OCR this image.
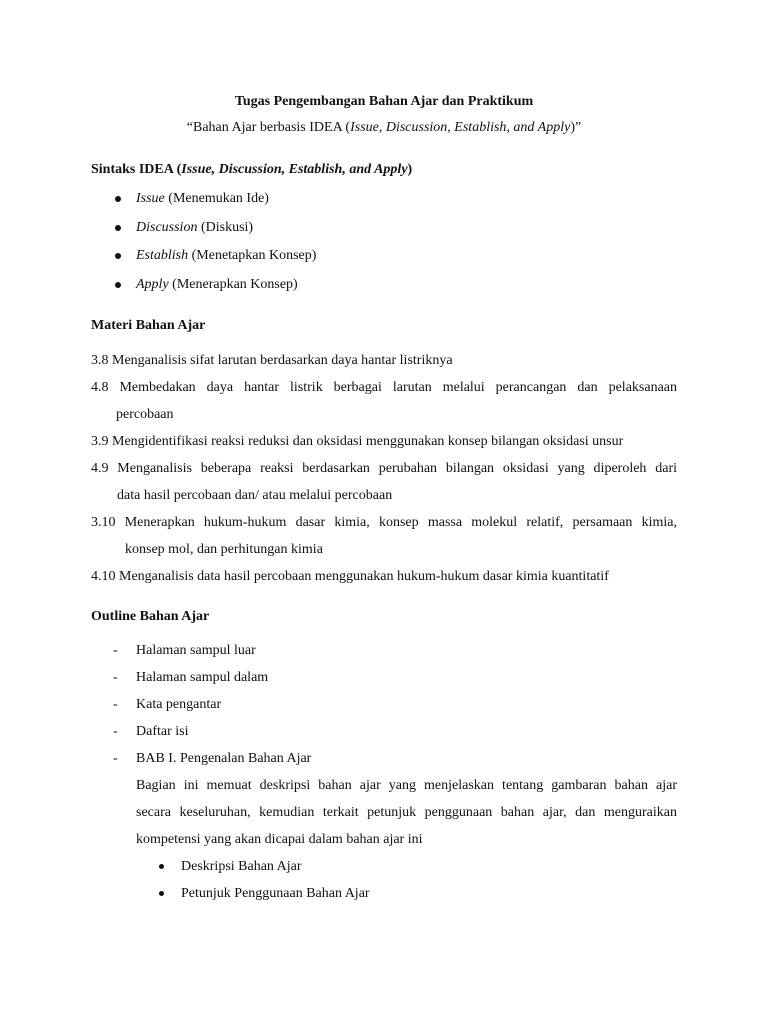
Tugas Pengembangan Bahan Ajar dan Praktikum
“Bahan Ajar berbasis IDEA (Issue, Discussion, Establish, and Apply)”
Sintaks IDEA (Issue, Discussion, Establish, and Apply)
Issue (Menemukan Ide)
Discussion (Diskusi)
Establish (Menetapkan Konsep)
Apply (Menerapkan Konsep)
Materi Bahan Ajar
3.8 Menganalisis sifat larutan berdasarkan daya hantar listriknya
4.8 Membedakan daya hantar listrik berbagai larutan melalui perancangan dan pelaksanaan
percobaan
3.9 Mengidentifikasi reaksi reduksi dan oksidasi menggunakan konsep bilangan oksidasi unsur
4.9 Menganalisis beberapa reaksi berdasarkan perubahan bilangan oksidasi yang diperoleh dari
data hasil percobaan dan/ atau melalui percobaan
3.10 Menerapkan hukum-hukum dasar kimia, konsep massa molekul relatif, persamaan kimia,
konsep mol, dan perhitungan kimia
4.10 Menganalisis data hasil percobaan menggunakan hukum-hukum dasar kimia kuantitatif
Outline Bahan Ajar
- Halaman sampul luar
- Halaman sampul dalam
- Kata pengantar
- Daftar isi
- BAB I. Pengenalan Bahan Ajar
Bagian ini memuat deskripsi bahan ajar yang menjelaskan tentang gambaran bahan ajar
secara keseluruhan, kemudian terkait petunjuk penggunaan bahan ajar, dan menguraikan
kompetensi yang akan dicapai dalam bahan ajar ini
Deskripsi Bahan Ajar
Petunjuk Penggunaan Bahan Ajar
